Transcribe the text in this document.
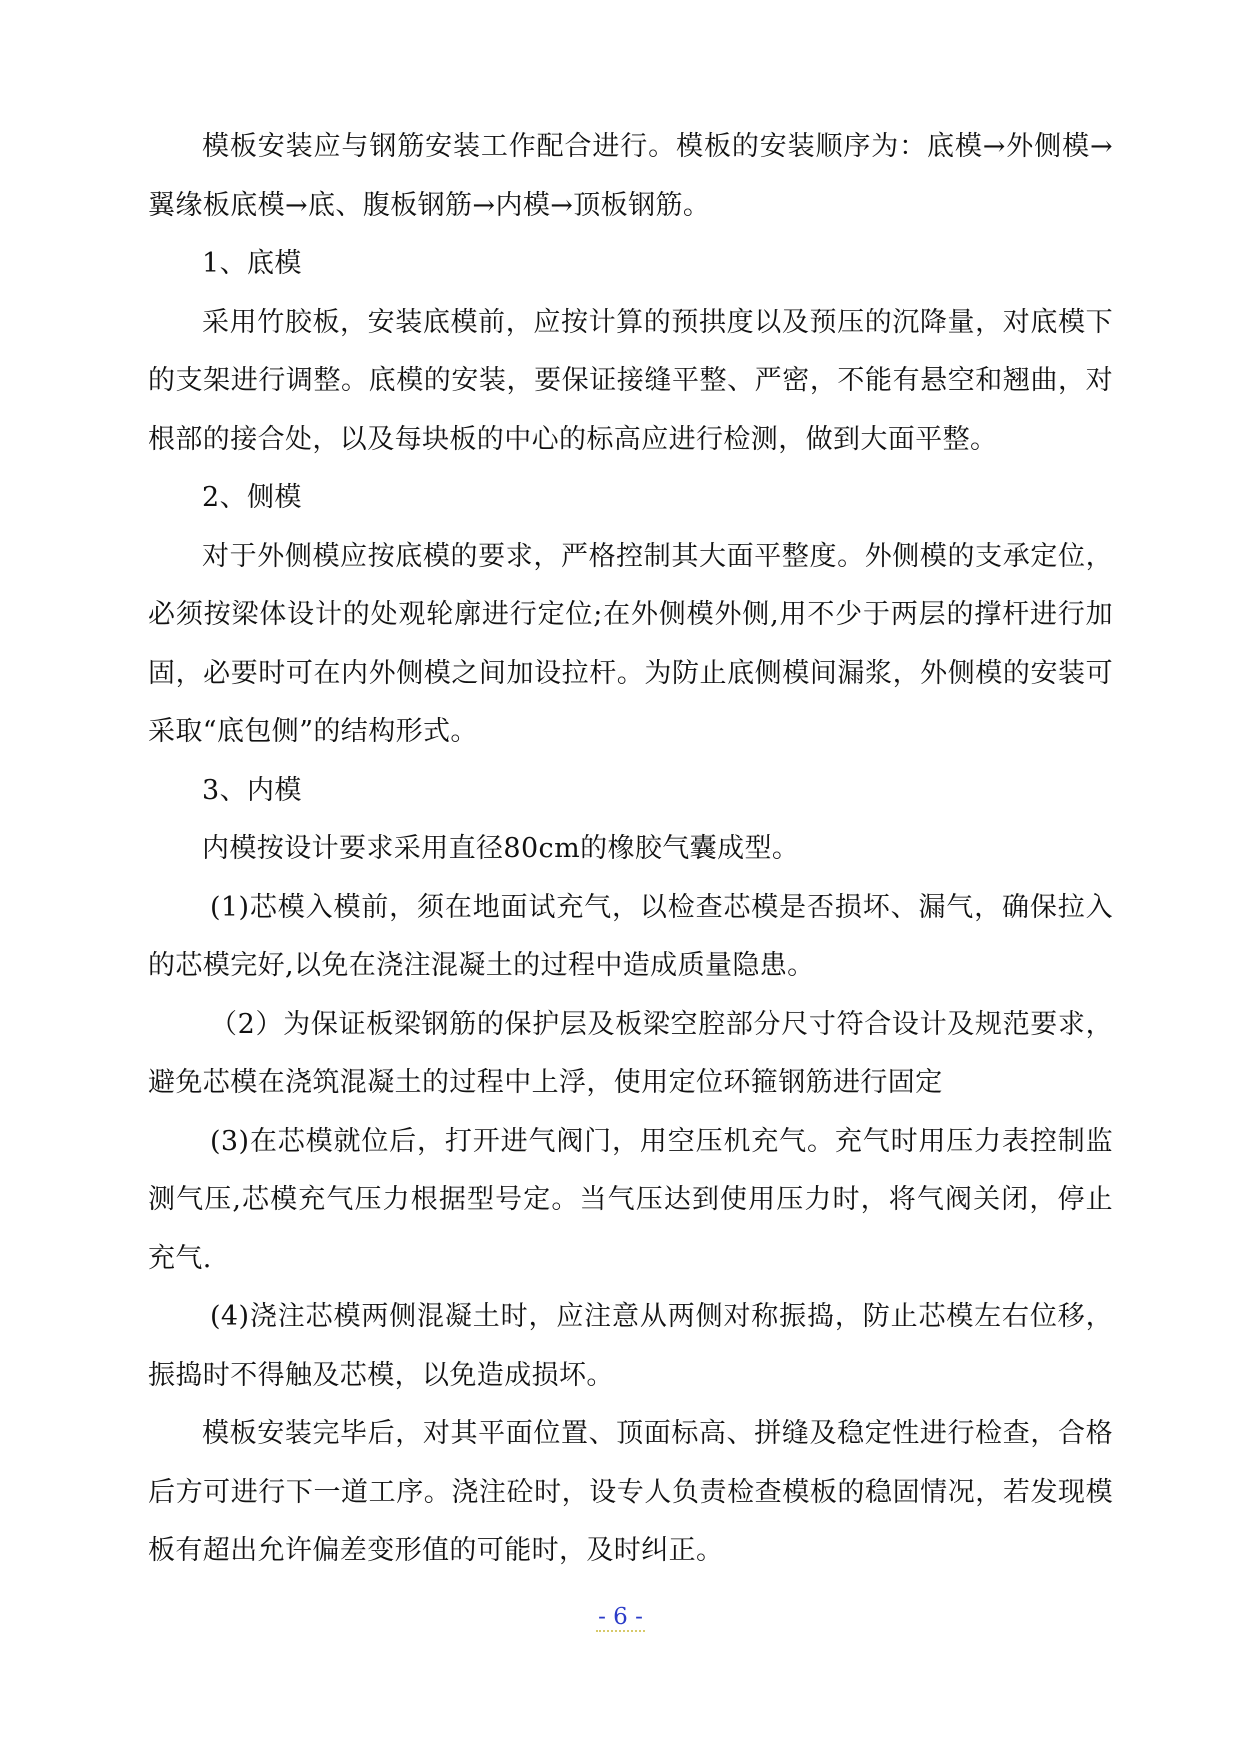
模板安装应与钢筋安装工作配合进行。模板的安装顺序为：底模→外侧模→翼缘板底模→底、腹板钢筋→内模→顶板钢筋。

1、底模

采用竹胶板，安装底模前，应按计算的预拱度以及预压的沉降量，对底模下的支架进行调整。底模的安装，要保证接缝平整、严密，不能有悬空和翘曲，对根部的接合处，以及每块板的中心的标高应进行检测，做到大面平整。

2、侧模

对于外侧模应按底模的要求，严格控制其大面平整度。外侧模的支承定位，必须按梁体设计的处观轮廓进行定位;在外侧模外侧,用不少于两层的撑杆进行加固，必要时可在内外侧模之间加设拉杆。为防止底侧模间漏浆，外侧模的安装可采取“底包侧”的结构形式。

3、内模

内模按设计要求采用直径80cm的橡胶气囊成型。

(1)芯模入模前，须在地面试充气，以检查芯模是否损坏、漏气，确保拉入的芯模完好,以免在浇注混凝土的过程中造成质量隐患。

（2）为保证板梁钢筋的保护层及板梁空腔部分尺寸符合设计及规范要求，避免芯模在浇筑混凝土的过程中上浮，使用定位环箍钢筋进行固定

(3)在芯模就位后，打开进气阀门，用空压机充气。充气时用压力表控制监测气压,芯模充气压力根据型号定。当气压达到使用压力时，将气阀关闭，停止充气.

(4)浇注芯模两侧混凝土时，应注意从两侧对称振捣，防止芯模左右位移，振捣时不得触及芯模，以免造成损坏。

模板安装完毕后，对其平面位置、顶面标高、拼缝及稳定性进行检查，合格后方可进行下一道工序。浇注砼时，设专人负责检查模板的稳固情况，若发现模板有超出允许偏差变形值的可能时，及时纠正。

- 6 -
